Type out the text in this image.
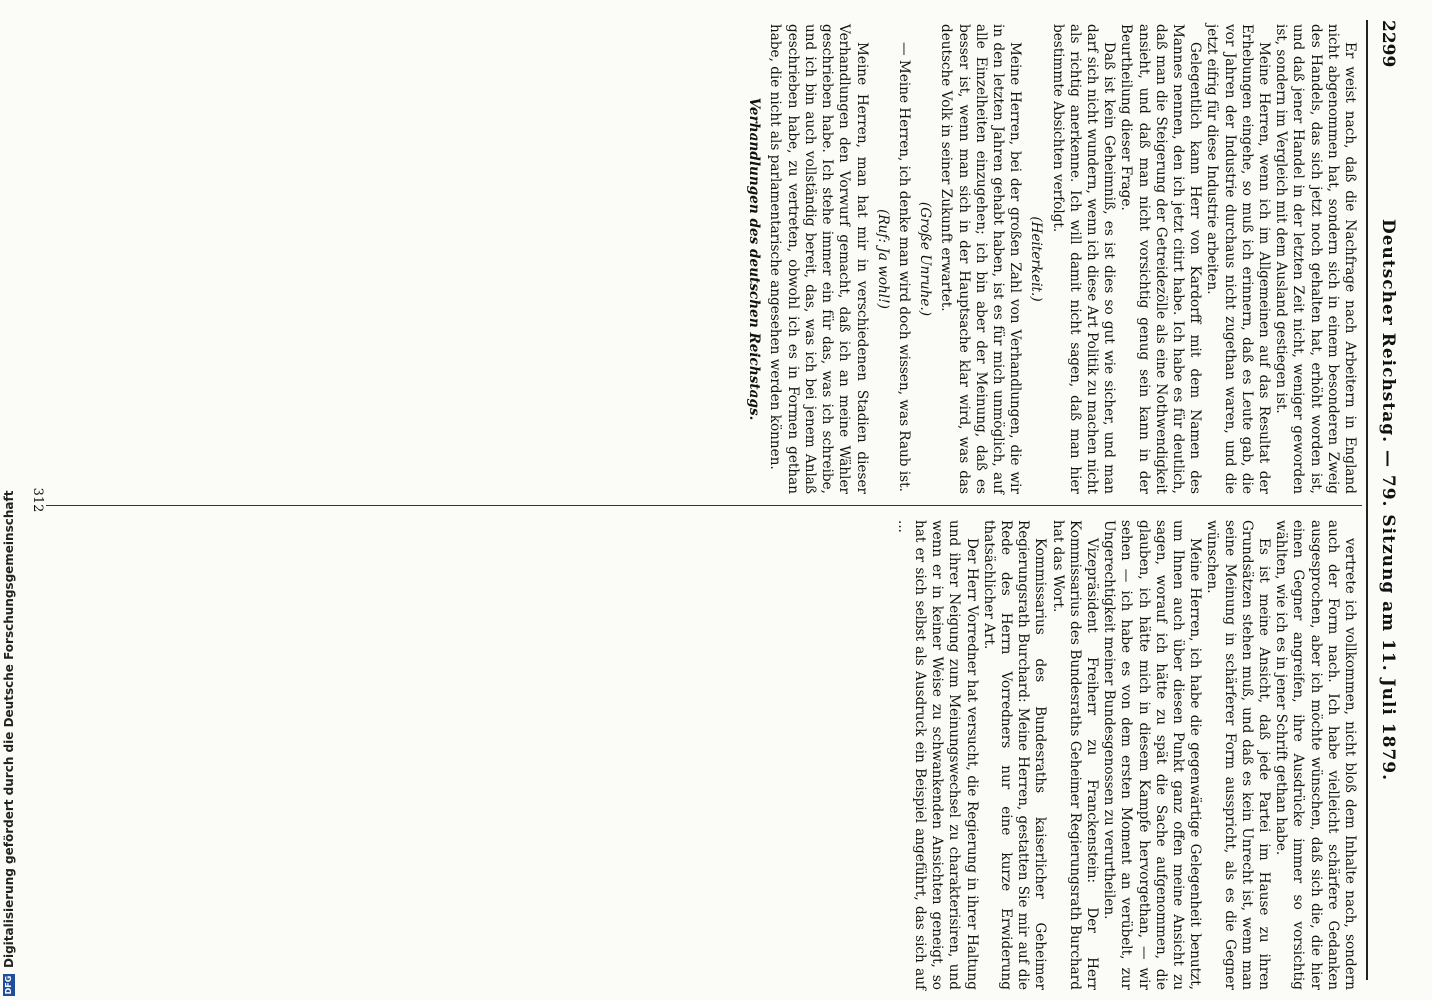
2299
Deutscher Reichstag. — 79. Sitzung am 11. Juli 1879.

Er weist nach, daß die Nachfrage nach Arbeitern in England nicht abgenommen hat, sondern sich in einem besonderen Zweig des Handels, das sich jetzt noch gehalten hat, erhöht worden ist, und daß jener Handel in der letzten Zeit nicht, weniger geworden ist, sondern im Vergleich mit dem Ausland gestiegen ist.

Meine Herren, wenn ich im Allgemeinen auf das Resultat der Erhebungen eingehe, so muß ich erinnern, daß es Leute gab, die vor Jahren der Industrie durchaus nicht zugethan waren, und die jetzt eifrig für diese Industrie arbeiten.

Gelegentlich kann Herr von Kardorff mit dem Namen des Mannes nennen, den ich jetzt citirt habe. Ich habe es für deutlich, daß man die Steigerung der Getreidezölle als eine Nothwendigkeit ansieht, und daß man nicht vorsichtig genug sein kann in der Beurtheilung dieser Frage.

Daß ist kein Geheimniß, es ist dies so gut wie sicher, und man darf sich nicht wundern, wenn ich diese Art Politik zu machen nicht als richtig anerkenne. Ich will damit nicht sagen, daß man hier bestimmte Absichten verfolgt.

(Heiterkeit.)

Meine Herren, bei der großen Zahl von Verhandlungen, die wir in den letzten Jahren gehabt haben, ist es für mich unmöglich, auf alle Einzelheiten einzugehen; ich bin aber der Meinung, daß es besser ist, wenn man sich in der Hauptsache klar wird, was das deutsche Volk in seiner Zukunft erwartet.

(Große Unruhe.)

— Meine Herren, ich denke man wird doch wissen, was Raub ist.

(Ruf: Ja wohl!)

Meine Herren, man hat mir in verschiedenen Stadien dieser Verhandlungen den Vorwurf gemacht, daß ich an meine Wähler geschrieben habe. Ich stehe immer ein für das, was ich schreibe, und ich bin auch vollständig bereit, das, was ich bei jenem Anlaß geschrieben habe, zu vertreten, obwohl ich es in Formen gethan habe, die nicht als parlamentarische angesehen werden können.

Verhandlungen des deutschen Reichstags.

vertrete ich vollkommen, nicht bloß dem Inhalte nach, sondern auch der Form nach. Ich habe vielleicht schärfere Gedanken ausgesprochen, aber ich möchte wünschen, daß sich die, die hier einen Gegner angreifen, ihre Ausdrücke immer so vorsichtig wählten, wie ich es in jener Schrift gethan habe.

Es ist meine Ansicht, daß jede Partei im Hause zu ihren Grundsätzen stehen muß, und daß es kein Unrecht ist, wenn man seine Meinung in schärferer Form ausspricht, als es die Gegner wünschen.

Meine Herren, ich habe die gegenwärtige Gelegenheit benutzt, um Ihnen auch über diesen Punkt ganz offen meine Ansicht zu sagen, worauf ich hätte zu spät die Sache aufgenommen, die glauben, ich hätte mich in diesem Kampfe hervorgethan, — wir sehen — ich habe es von dem ersten Moment an verübelt, zur Ungerechtigkeit meiner Bundesgenossen zu verurtheilen.

Vizepräsident Freiherr zu Franckenstein: Der Herr Kommissarius des Bundesraths Geheimer Regierungsrath Burchard hat das Wort.

Kommissarius des Bundesraths kaiserlicher Geheimer Regierungsrath Burchard: Meine Herren, gestatten Sie mir auf die Rede des Herrn Vorredners nur eine kurze Erwiderung thatsächlicher Art.

Der Herr Vorredner hat versucht, die Regierung in ihrer Haltung und ihrer Neigung zum Meinungswechsel zu charakterisiren, und wenn er in keiner Weise zu schwankenden Ansichten geneigt, so hat er sich selbst als Ausdruck ein Beispiel angeführt, das sich auf ...

312
DFG
Digitalisierung gefördert durch die Deutsche Forschungsgemeinschaft
